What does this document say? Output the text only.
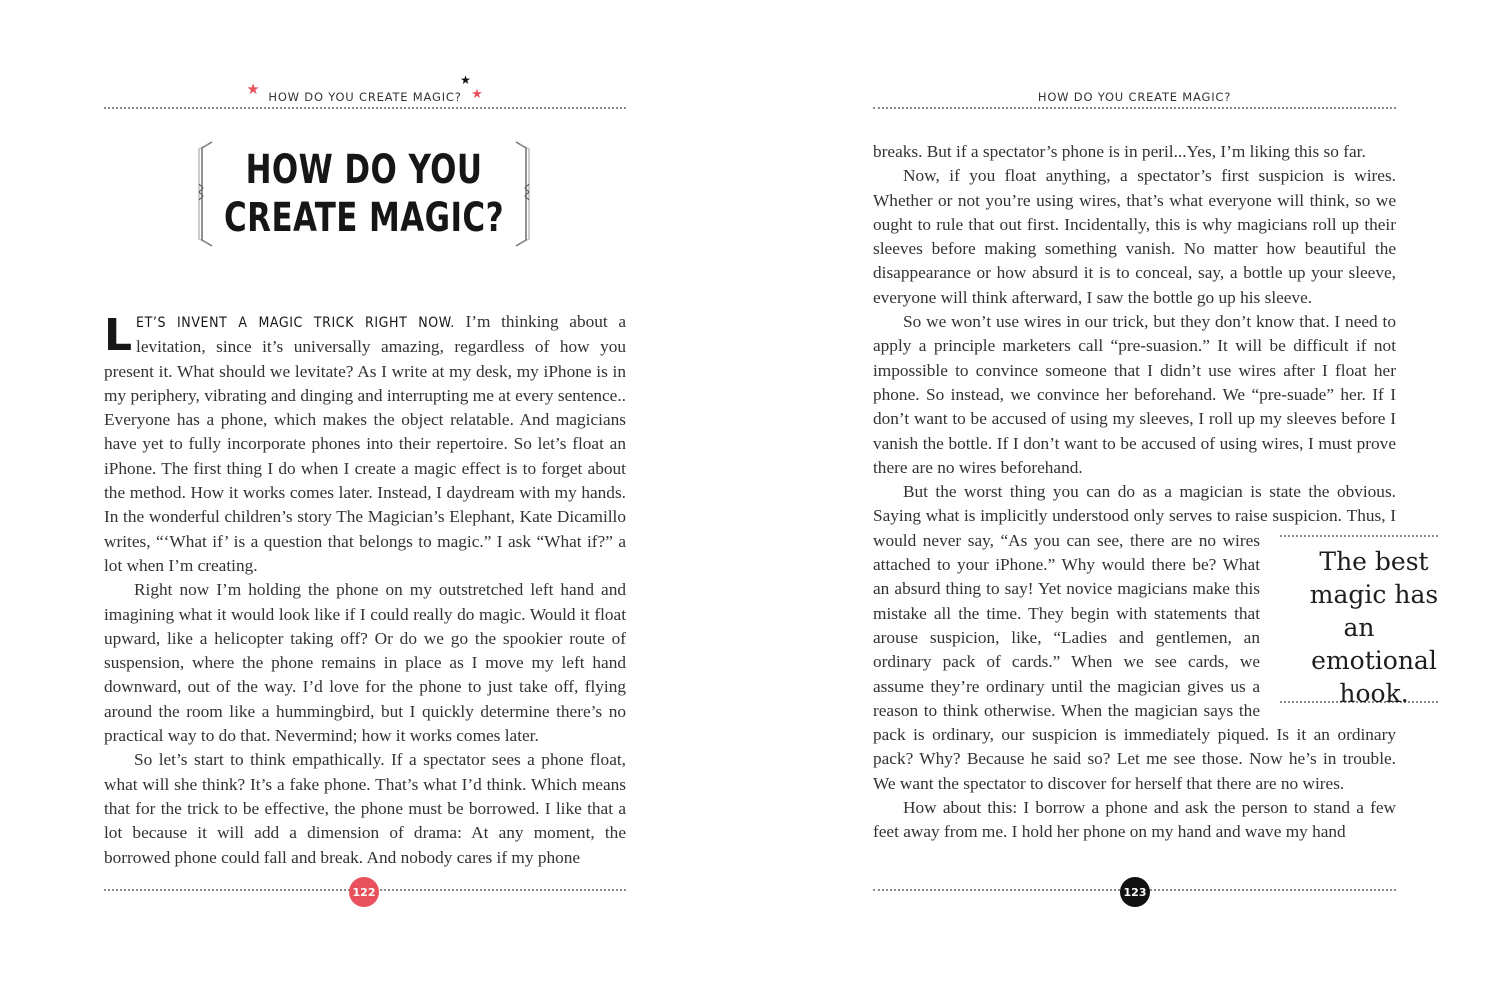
★ HOW DO YOU CREATE MAGIC?
★
★
HOW DO YOU
CREATE MAGIC?

LET’S INVENT A MAGIC TRICK RIGHT NOW. I’m thinking about a levitation, since it’s universally amazing, regardless of how you present it. What should we levitate? As I write at my desk, my iPhone is in my periphery, vibrating and dinging and interrupting me at every sentence.. Everyone has a phone, which makes the object relatable. And magicians have yet to fully incorporate phones into their repertoire. So let’s float an iPhone. The first thing I do when I create a magic effect is to forget about the method. How it works comes later. Instead, I daydream with my hands. In the wonderful children’s story The Magician’s Elephant, Kate Dicamillo writes, “‘What if’ is a question that belongs to magic.” I ask “What if?” a lot when I’m creating.

Right now I’m holding the phone on my outstretched left hand and imagining what it would look like if I could really do magic. Would it float upward, like a helicopter taking off? Or do we go the spookier route of suspension, where the phone remains in place as I move my left hand downward, out of the way. I’d love for the phone to just take off, flying around the room like a hummingbird, but I quickly determine there’s no practical way to do that. Nevermind; how it works comes later.

So let’s start to think empathically. If a spectator sees a phone float, what will she think? It’s a fake phone. That’s what I’d think. Which means that for the trick to be effective, the phone must be borrowed. I like that a lot because it will add a dimension of drama: At any moment, the borrowed phone could fall and break. And nobody cares if my phone

122
HOW DO YOU CREATE MAGIC?

breaks. But if a spectator’s phone is in peril...Yes, I’m liking this so far.

Now, if you float anything, a spectator’s first suspicion is wires. Whether or not you’re using wires, that’s what everyone will think, so we ought to rule that out first. Incidentally, this is why magicians roll up their sleeves before making something vanish. No matter how beautiful the disappearance or how absurd it is to conceal, say, a bottle up your sleeve, everyone will think afterward, I saw the bottle go up his sleeve.

So we won’t use wires in our trick, but they don’t know that. I need to apply a principle marketers call “pre-suasion.” It will be difficult if not impossible to convince someone that I didn’t use wires after I float her phone. So instead, we convince her beforehand. We “pre-suade” her. If I don’t want to be accused of using my sleeves, I roll up my sleeves before I vanish the bottle. If I don’t want to be accused of using wires, I must prove there are no wires beforehand.

But the worst thing you can do as a magician is state the obvious. Saying what is implicitly understood only serves to raise suspicion.
The best
magic has an
emotional
hook.
Thus, I would never say, “As you can see, there are no wires attached to your iPhone.” Why would there be? What an absurd thing to say! Yet novice magicians make this mistake all the time. They begin with statements that arouse suspicion, like, “Ladies and gentlemen, an ordinary pack of cards.” When we see cards, we assume they’re ordinary until the magician gives us a reason to think otherwise. When the magician says the pack is ordinary, our suspicion is immediately piqued. Is it an ordinary pack? Why? Because he said so? Let me see those. Now he’s in trouble. We want the spectator to discover for herself that there are no wires.

How about this: I borrow a phone and ask the person to stand a few feet away from me. I hold her phone on my hand and wave my hand

123
